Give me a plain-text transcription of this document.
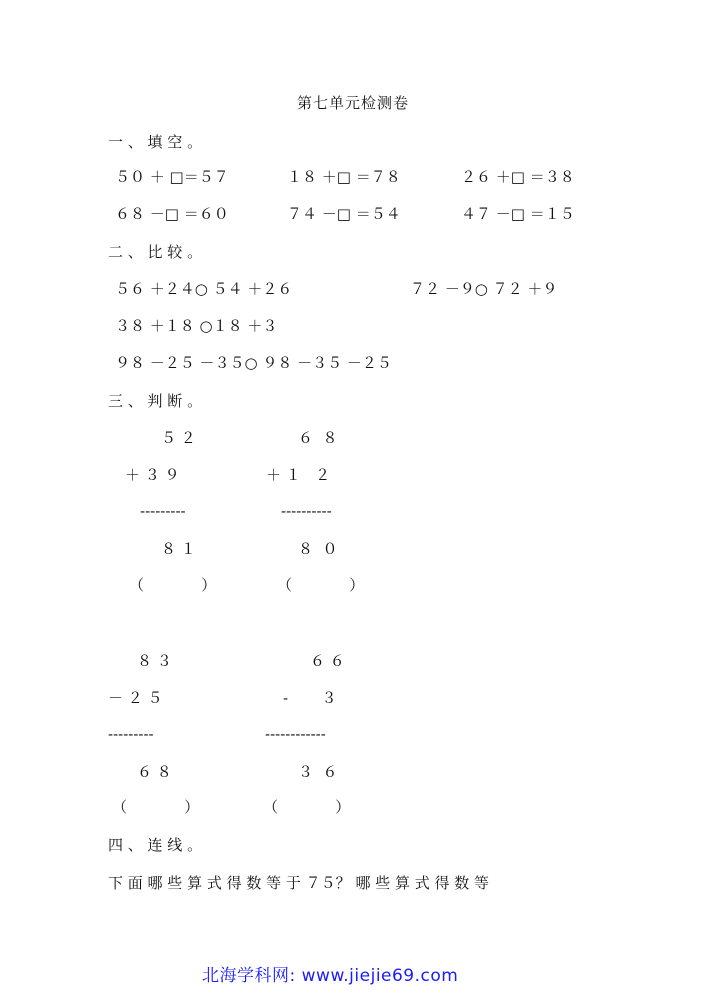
第七单元检测卷
一 、 填 空 。
５０ ＋ □＝５７	１８ ＋□ ＝７８	２６ ＋□ ＝３８
６８ －□ ＝６０	７４ －□ ＝５４	４７ －□ ＝１５
二 、 比 较 。
５６ ＋２４○ ５４ ＋２６	７２ －９○ ７２ ＋９
３８ ＋１８ ○１８ ＋３
９８ －２５ －３５○ ９８ －３５ －２５
三 、 判 断 。
５ ２
＋ ３ ９
---------
８ １
（            ）
６  ８
＋ １   ２
----------
８  ０
（            ）
８ ３
－ ２ ５
---------
６ ８
（            ）
６ ６
-       ３
------------
３  ６
（            ）
四 、 连 线 。
下 面 哪 些 算 式 得 数 等 于 ７５？ 哪 些 算 式 得 数 等
北海学科网: www.jiejie69.com
